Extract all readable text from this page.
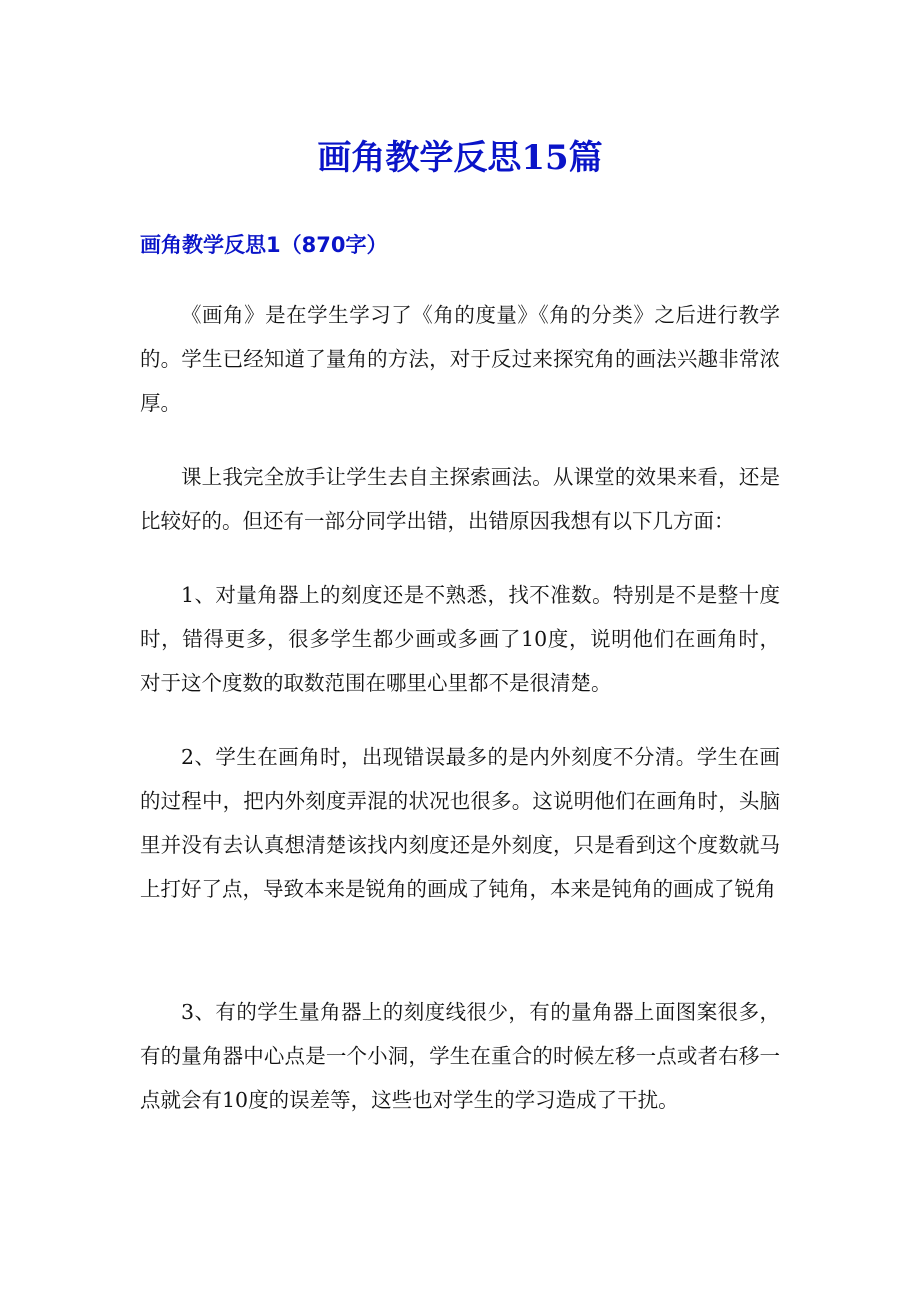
画角教学反思15篇
画角教学反思1（870字）

《画角》是在学生学习了《角的度量》《角的分类》之后进行教学的。学生已经知道了量角的方法，对于反过来探究角的画法兴趣非常浓厚。

课上我完全放手让学生去自主探索画法。从课堂的效果来看，还是比较好的。但还有一部分同学出错，出错原因我想有以下几方面：

1、对量角器上的刻度还是不熟悉，找不准数。特别是不是整十度时，错得更多，很多学生都少画或多画了10度，说明他们在画角时，对于这个度数的取数范围在哪里心里都不是很清楚。

2、学生在画角时，出现错误最多的是内外刻度不分清。学生在画的过程中，把内外刻度弄混的状况也很多。这说明他们在画角时，头脑里并没有去认真想清楚该找内刻度还是外刻度，只是看到这个度数就马上打好了点，导致本来是锐角的画成了钝角，本来是钝角的画成了锐角

3、有的学生量角器上的刻度线很少，有的量角器上面图案很多，有的量角器中心点是一个小洞，学生在重合的时候左移一点或者右移一点就会有10度的误差等，这些也对学生的学习造成了干扰。
